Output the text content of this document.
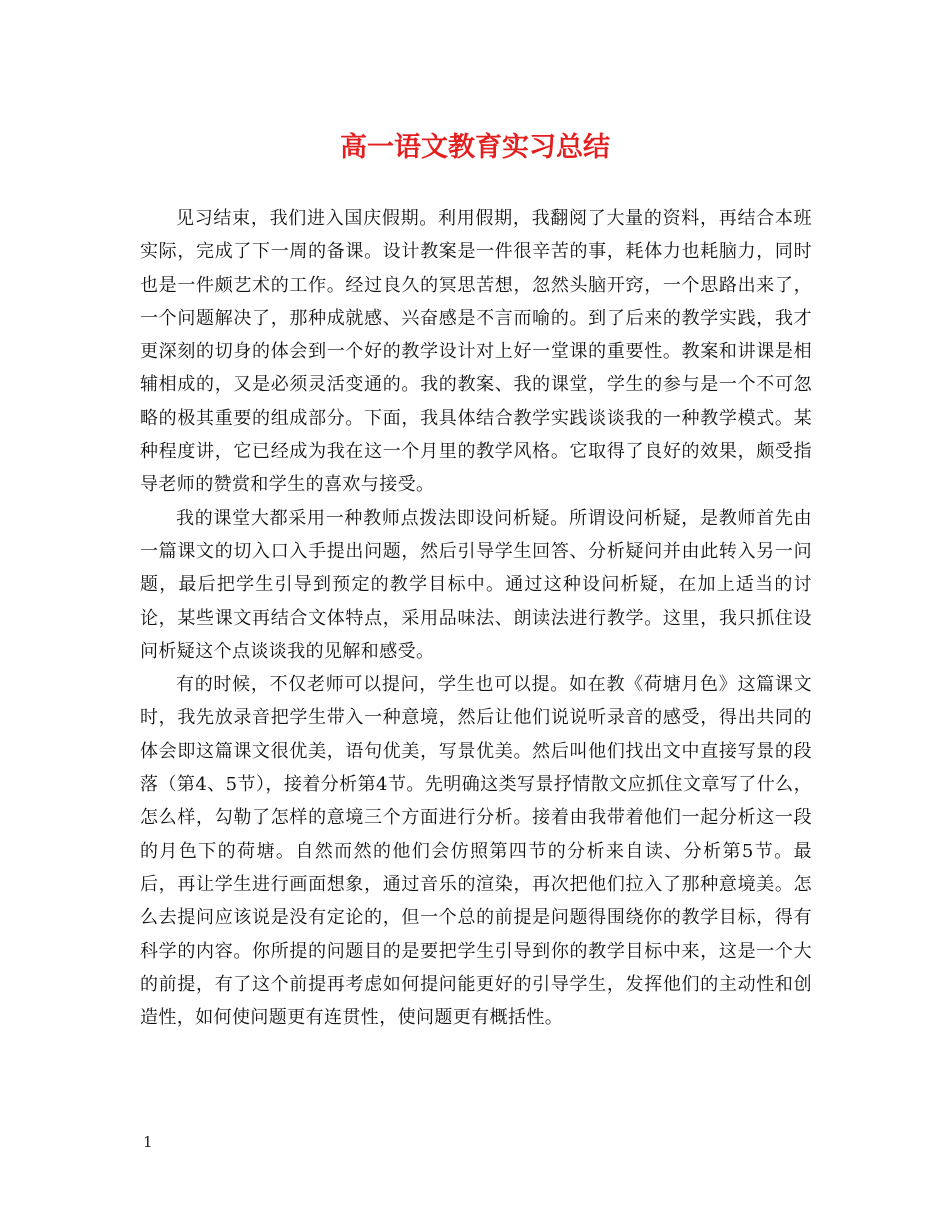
高一语文教育实习总结

见习结束，我们进入国庆假期。利用假期，我翻阅了大量的资料，再结合本班实际，完成了下一周的备课。设计教案是一件很辛苦的事，耗体力也耗脑力，同时也是一件颇艺术的工作。经过良久的冥思苦想，忽然头脑开窍，一个思路出来了，一个问题解决了，那种成就感、兴奋感是不言而喻的。到了后来的教学实践，我才更深刻的切身的体会到一个好的教学设计对上好一堂课的重要性。教案和讲课是相辅相成的，又是必须灵活变通的。我的教案、我的课堂，学生的参与是一个不可忽略的极其重要的组成部分。下面，我具体结合教学实践谈谈我的一种教学模式。某种程度讲，它已经成为我在这一个月里的教学风格。它取得了良好的效果，颇受指导老师的赞赏和学生的喜欢与接受。

我的课堂大都采用一种教师点拨法即设问析疑。所谓设问析疑，是教师首先由一篇课文的切入口入手提出问题，然后引导学生回答、分析疑问并由此转入另一问题，最后把学生引导到预定的教学目标中。通过这种设问析疑，在加上适当的讨论，某些课文再结合文体特点，采用品味法、朗读法进行教学。这里，我只抓住设问析疑这个点谈谈我的见解和感受。

有的时候，不仅老师可以提问，学生也可以提。如在教《荷塘月色》这篇课文时，我先放录音把学生带入一种意境，然后让他们说说听录音的感受，得出共同的体会即这篇课文很优美，语句优美，写景优美。然后叫他们找出文中直接写景的段落（第4、5节），接着分析第4节。先明确这类写景抒情散文应抓住文章写了什么，怎么样，勾勒了怎样的意境三个方面进行分析。接着由我带着他们一起分析这一段的月色下的荷塘。自然而然的他们会仿照第四节的分析来自读、分析第5节。最后，再让学生进行画面想象，通过音乐的渲染，再次把他们拉入了那种意境美。怎么去提问应该说是没有定论的，但一个总的前提是问题得围绕你的教学目标，得有科学的内容。你所提的问题目的是要把学生引导到你的教学目标中来，这是一个大的前提，有了这个前提再考虑如何提问能更好的引导学生，发挥他们的主动性和创造性，如何使问题更有连贯性，使问题更有概括性。

1
